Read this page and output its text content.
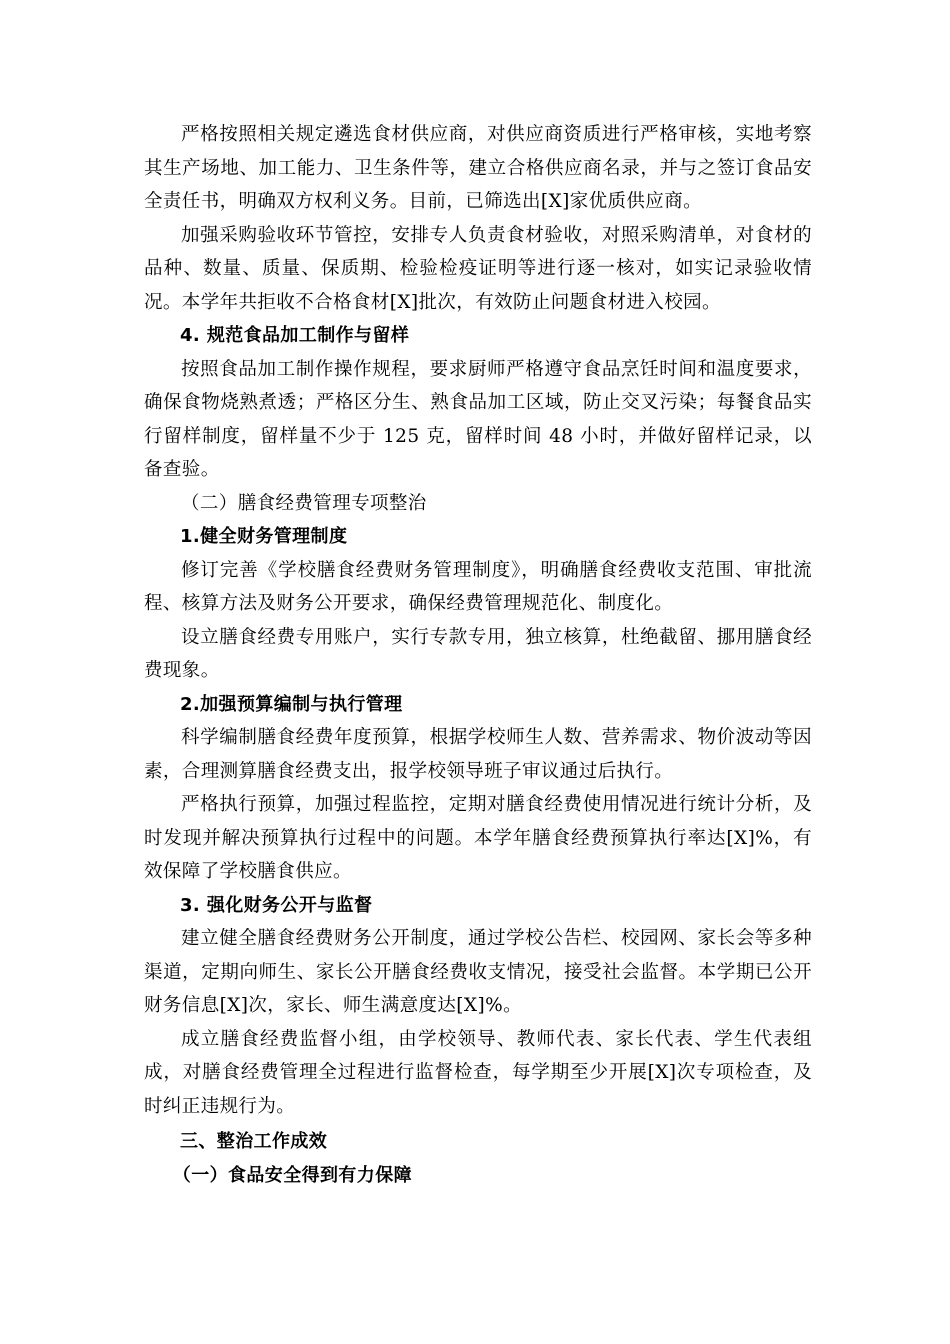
严格按照相关规定遴选食材供应商，对供应商资质进行严格审核，实地考察其生产场地、加工能力、卫生条件等，建立合格供应商名录，并与之签订食品安全责任书，明确双方权利义务。目前，已筛选出[X]家优质供应商。

加强采购验收环节管控，安排专人负责食材验收，对照采购清单，对食材的品种、数量、质量、保质期、检验检疫证明等进行逐一核对，如实记录验收情况。本学年共拒收不合格食材[X]批次，有效防止问题食材进入校园。

4. 规范食品加工制作与留样

按照食品加工制作操作规程，要求厨师严格遵守食品烹饪时间和温度要求，确保食物烧熟煮透；严格区分生、熟食品加工区域，防止交叉污染；每餐食品实行留样制度，留样量不少于 125 克，留样时间 48 小时，并做好留样记录，以备查验。

（二）膳食经费管理专项整治

1.健全财务管理制度

修订完善《学校膳食经费财务管理制度》，明确膳食经费收支范围、审批流程、核算方法及财务公开要求，确保经费管理规范化、制度化。

设立膳食经费专用账户，实行专款专用，独立核算，杜绝截留、挪用膳食经费现象。

2.加强预算编制与执行管理

科学编制膳食经费年度预算，根据学校师生人数、营养需求、物价波动等因素，合理测算膳食经费支出，报学校领导班子审议通过后执行。

严格执行预算，加强过程监控，定期对膳食经费使用情况进行统计分析，及时发现并解决预算执行过程中的问题。本学年膳食经费预算执行率达[X]%，有效保障了学校膳食供应。

3. 强化财务公开与监督

建立健全膳食经费财务公开制度，通过学校公告栏、校园网、家长会等多种渠道，定期向师生、家长公开膳食经费收支情况，接受社会监督。本学期已公开财务信息[X]次，家长、师生满意度达[X]%。

成立膳食经费监督小组，由学校领导、教师代表、家长代表、学生代表组成，对膳食经费管理全过程进行监督检查，每学期至少开展[X]次专项检查，及时纠正违规行为。

三、整治工作成效

（一）食品安全得到有力保障
